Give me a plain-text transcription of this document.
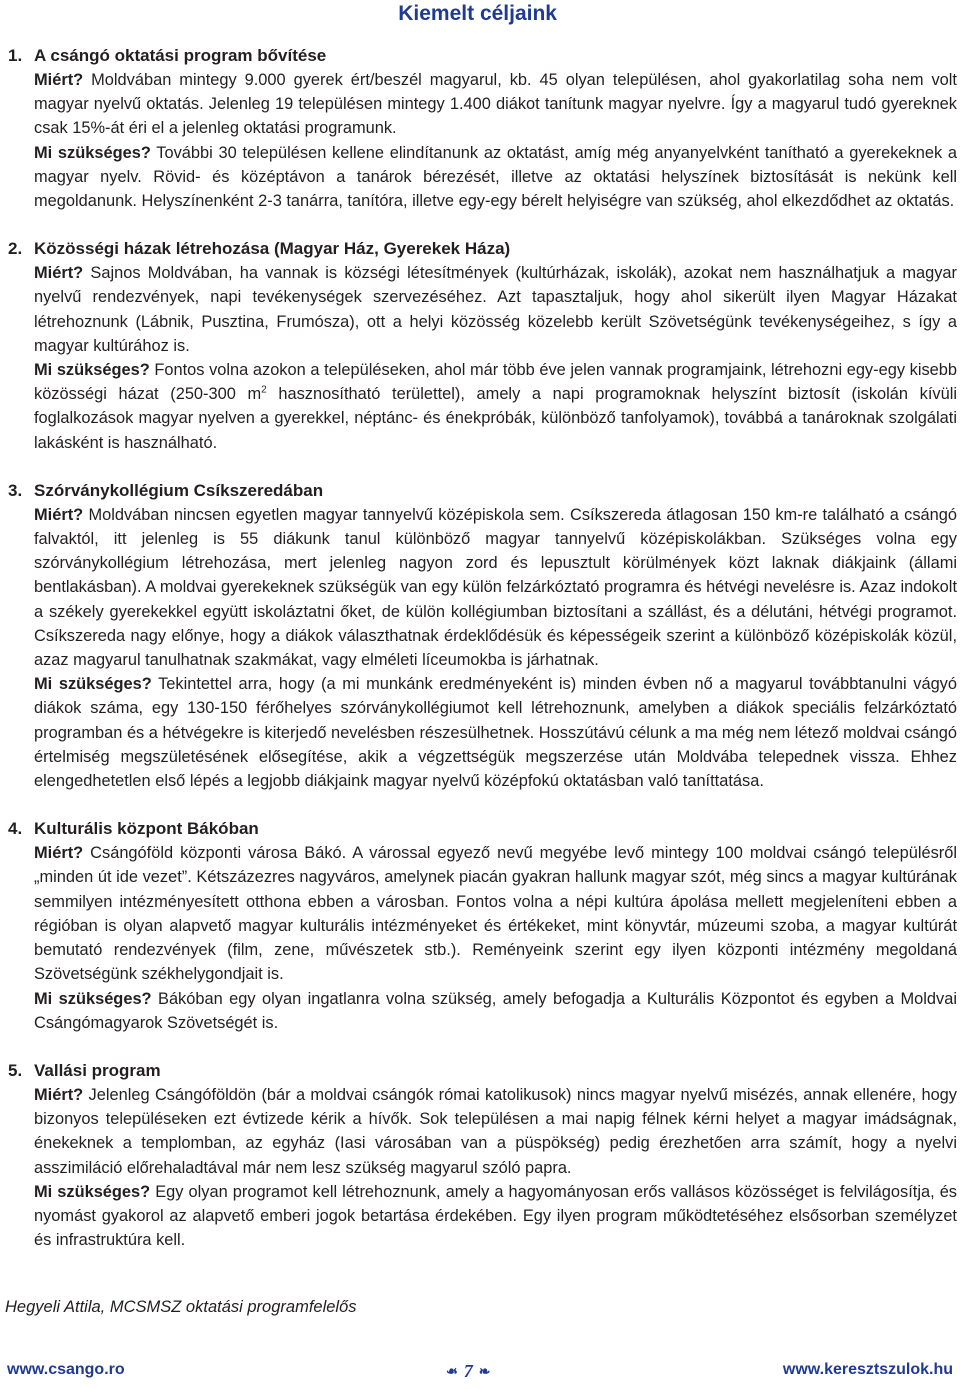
Kiemelt céljaink
1. A csángó oktatási program bővítése
Miért? Moldvában mintegy 9.000 gyerek ért/beszél magyarul, kb. 45 olyan településen, ahol gyakorlatilag soha nem volt magyar nyelvű oktatás. Jelenleg 19 településen mintegy 1.400 diákot tanítunk magyar nyelvre. Így a magyarul tudó gyereknek csak 15%-át éri el a jelenleg oktatási programunk.
Mi szükséges? További 30 településen kellene elindítanunk az oktatást, amíg még anyanyelvként tanítható a gyerekeknek a magyar nyelv. Rövid- és középtávon a tanárok bérezését, illetve az oktatási helyszínek biztosítását is nekünk kell megoldanunk. Helyszínenként 2-3 tanárra, tanítóra, illetve egy-egy bérelt helyiségre van szükség, ahol elkezdődhet az oktatás.
2. Közösségi házak létrehozása (Magyar Ház, Gyerekek Háza)
Miért? Sajnos Moldvában, ha vannak is községi létesítmények (kultúrházak, iskolák), azokat nem használhatjuk a magyar nyelvű rendezvények, napi tevékenységek szervezéséhez. Azt tapasztaljuk, hogy ahol sikerült ilyen Magyar Házakat létrehoznunk (Lábnik, Pusztina, Frumósza), ott a helyi közösség közelebb került Szövetségünk tevékenységeihez, s így a magyar kultúrához is.
Mi szükséges? Fontos volna azokon a településeken, ahol már több éve jelen vannak programjaink, létrehozni egy-egy kisebb közösségi házat (250-300 $m^2$ hasznosítható területtel), amely a napi programoknak helyszínt biztosít (iskolán kívüli foglalkozások magyar nyelven a gyerekkel, néptánc- és énekpróbák, különböző tanfolyamok), továbbá a tanároknak szolgálati lakásként is használható.
3. Szórványkollégium Csíkszeredában
Miért? Moldvában nincsen egyetlen magyar tannyelvű középiskola sem. Csíkszereda átlagosan 150 km-re található a csángó falvaktól, itt jelenleg is 55 diákunk tanul különböző magyar tannyelvű középiskolákban. Szükséges volna egy szórványkollégium létrehozása, mert jelenleg nagyon zord és lepusztult körülmények közt laknak diákjaink (állami bentlakásban). A moldvai gyerekeknek szükségük van egy külön felzárkóztató programra és hétvégi nevelésre is. Azaz indokolt a székely gyerekekkel együtt iskoláztatni őket, de külön kollégiumban biztosítani a szállást, és a délutáni, hétvégi programot. Csíkszereda nagy előnye, hogy a diákok választhatnak érdeklődésük és képességeik szerint a különböző középiskolák közül, azaz magyarul tanulhatnak szakmákat, vagy elméleti líceumokba is járhatnak.
Mi szükséges? Tekintettel arra, hogy (a mi munkánk eredményeként is) minden évben nő a magyarul továbbtanulni vágyó diákok száma, egy 130-150 férőhelyes szórványkollégiumot kell létrehoznunk, amelyben a diákok speciális felzárkóztató programban és a hétvégekre is kiterjedő nevelésben részesülhetnek. Hosszútávú célunk a ma még nem létező moldvai csángó értelmiség megszületésének elősegítése, akik a végzettségük megszerzése után Moldvába telepednek vissza. Ehhez elengedhetetlen első lépés a legjobb diákjaink magyar nyelvű középfokú oktatásban való taníttatása.
4. Kulturális központ Bákóban
Miért? Csángóföld központi városa Bákó. A várossal egyező nevű megyébe levő mintegy 100 moldvai csángó településről „minden út ide vezet”. Kétszázezres nagyváros, amelynek piacán gyakran hallunk magyar szót, még sincs a magyar kultúrának semmilyen intézményesített otthona ebben a városban. Fontos volna a népi kultúra ápolása mellett megjeleníteni ebben a régióban is olyan alapvető magyar kulturális intézményeket és értékeket, mint könyvtár, múzeumi szoba, a magyar kultúrát bemutató rendezvények (film, zene, művészetek stb.). Reményeink szerint egy ilyen központi intézmény megoldaná Szövetségünk székhelygondjait is.
Mi szükséges? Bákóban egy olyan ingatlanra volna szükség, amely befogadja a Kulturális Központot és egyben a Moldvai Csángómagyarok Szövetségét is.
5. Vallási program
Miért? Jelenleg Csángóföldön (bár a moldvai csángók római katolikusok) nincs magyar nyelvű misézés, annak ellenére, hogy bizonyos településeken ezt évtizede kérik a hívők. Sok településen a mai napig félnek kérni helyet a magyar imádságnak, énekeknek a templomban, az egyház (Iasi városában van a püspökség) pedig érezhetően arra számít, hogy a nyelvi asszimiláció előrehaladtával már nem lesz szükség magyarul szóló papra.
Mi szükséges? Egy olyan programot kell létrehoznunk, amely a hagyományosan erős vallásos közösséget is felvilágosítja, és nyomást gyakorol az alapvető emberi jogok betartása érdekében. Egy ilyen program működtetéséhez elsősorban személyzet és infrastruktúra kell.
Hegyeli Attila, MCSMSZ oktatási programfelelős
www.csango.ro	❧ 7 ❧	www.keresztszulok.hu
